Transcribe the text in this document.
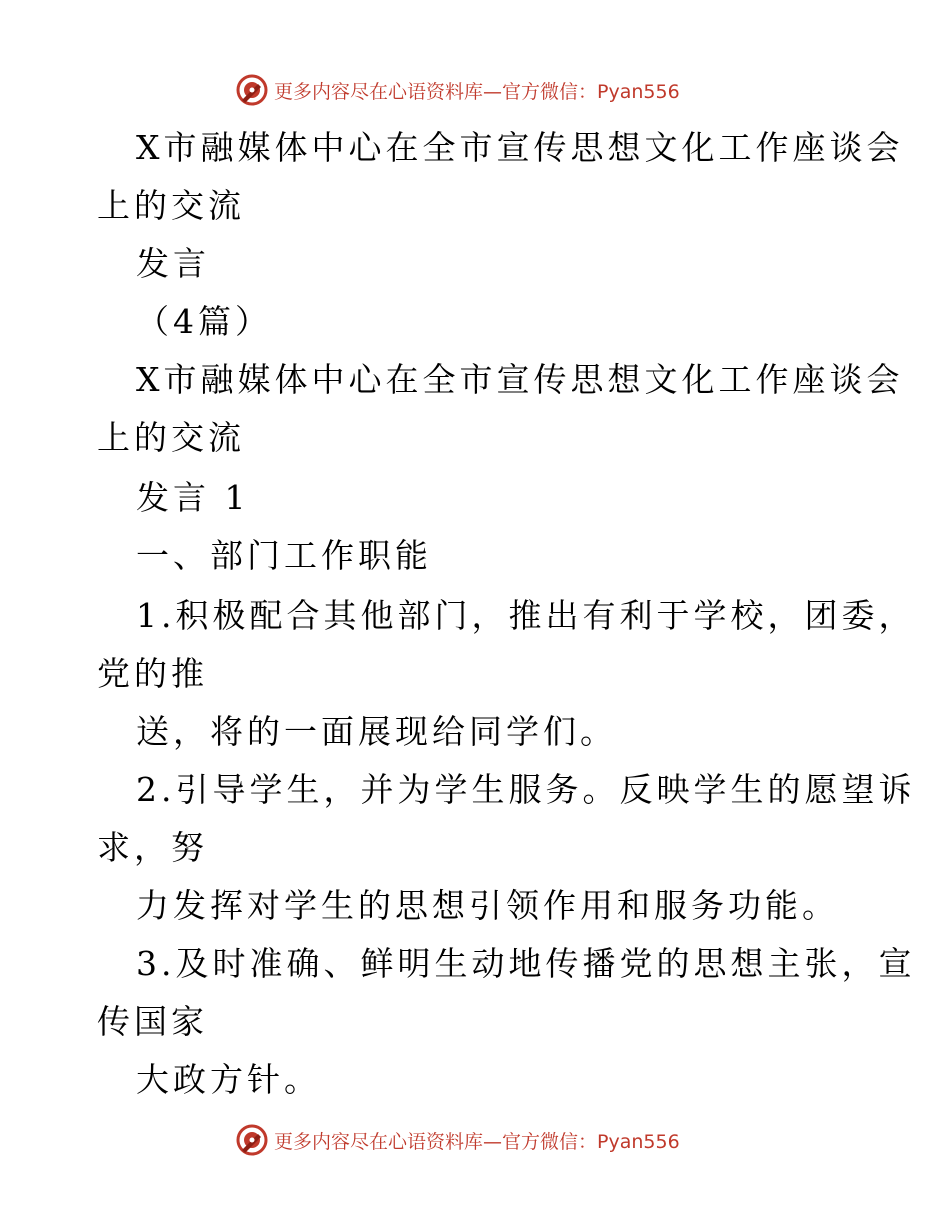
更多内容尽在心语资料库—官方微信：Pyan556
X市融媒体中心在全市宣传思想文化工作座谈会
上的交流
发言
（4篇）
X市融媒体中心在全市宣传思想文化工作座谈会
上的交流
发言 1
一、部门工作职能
1.积极配合其他部门，推出有利于学校，团委，
党的推
送，将的一面展现给同学们。
2.引导学生，并为学生服务。反映学生的愿望诉
求，努
力发挥对学生的思想引领作用和服务功能。
3.及时准确、鲜明生动地传播党的思想主张，宣
传国家
大政方针。
更多内容尽在心语资料库—官方微信：Pyan556
